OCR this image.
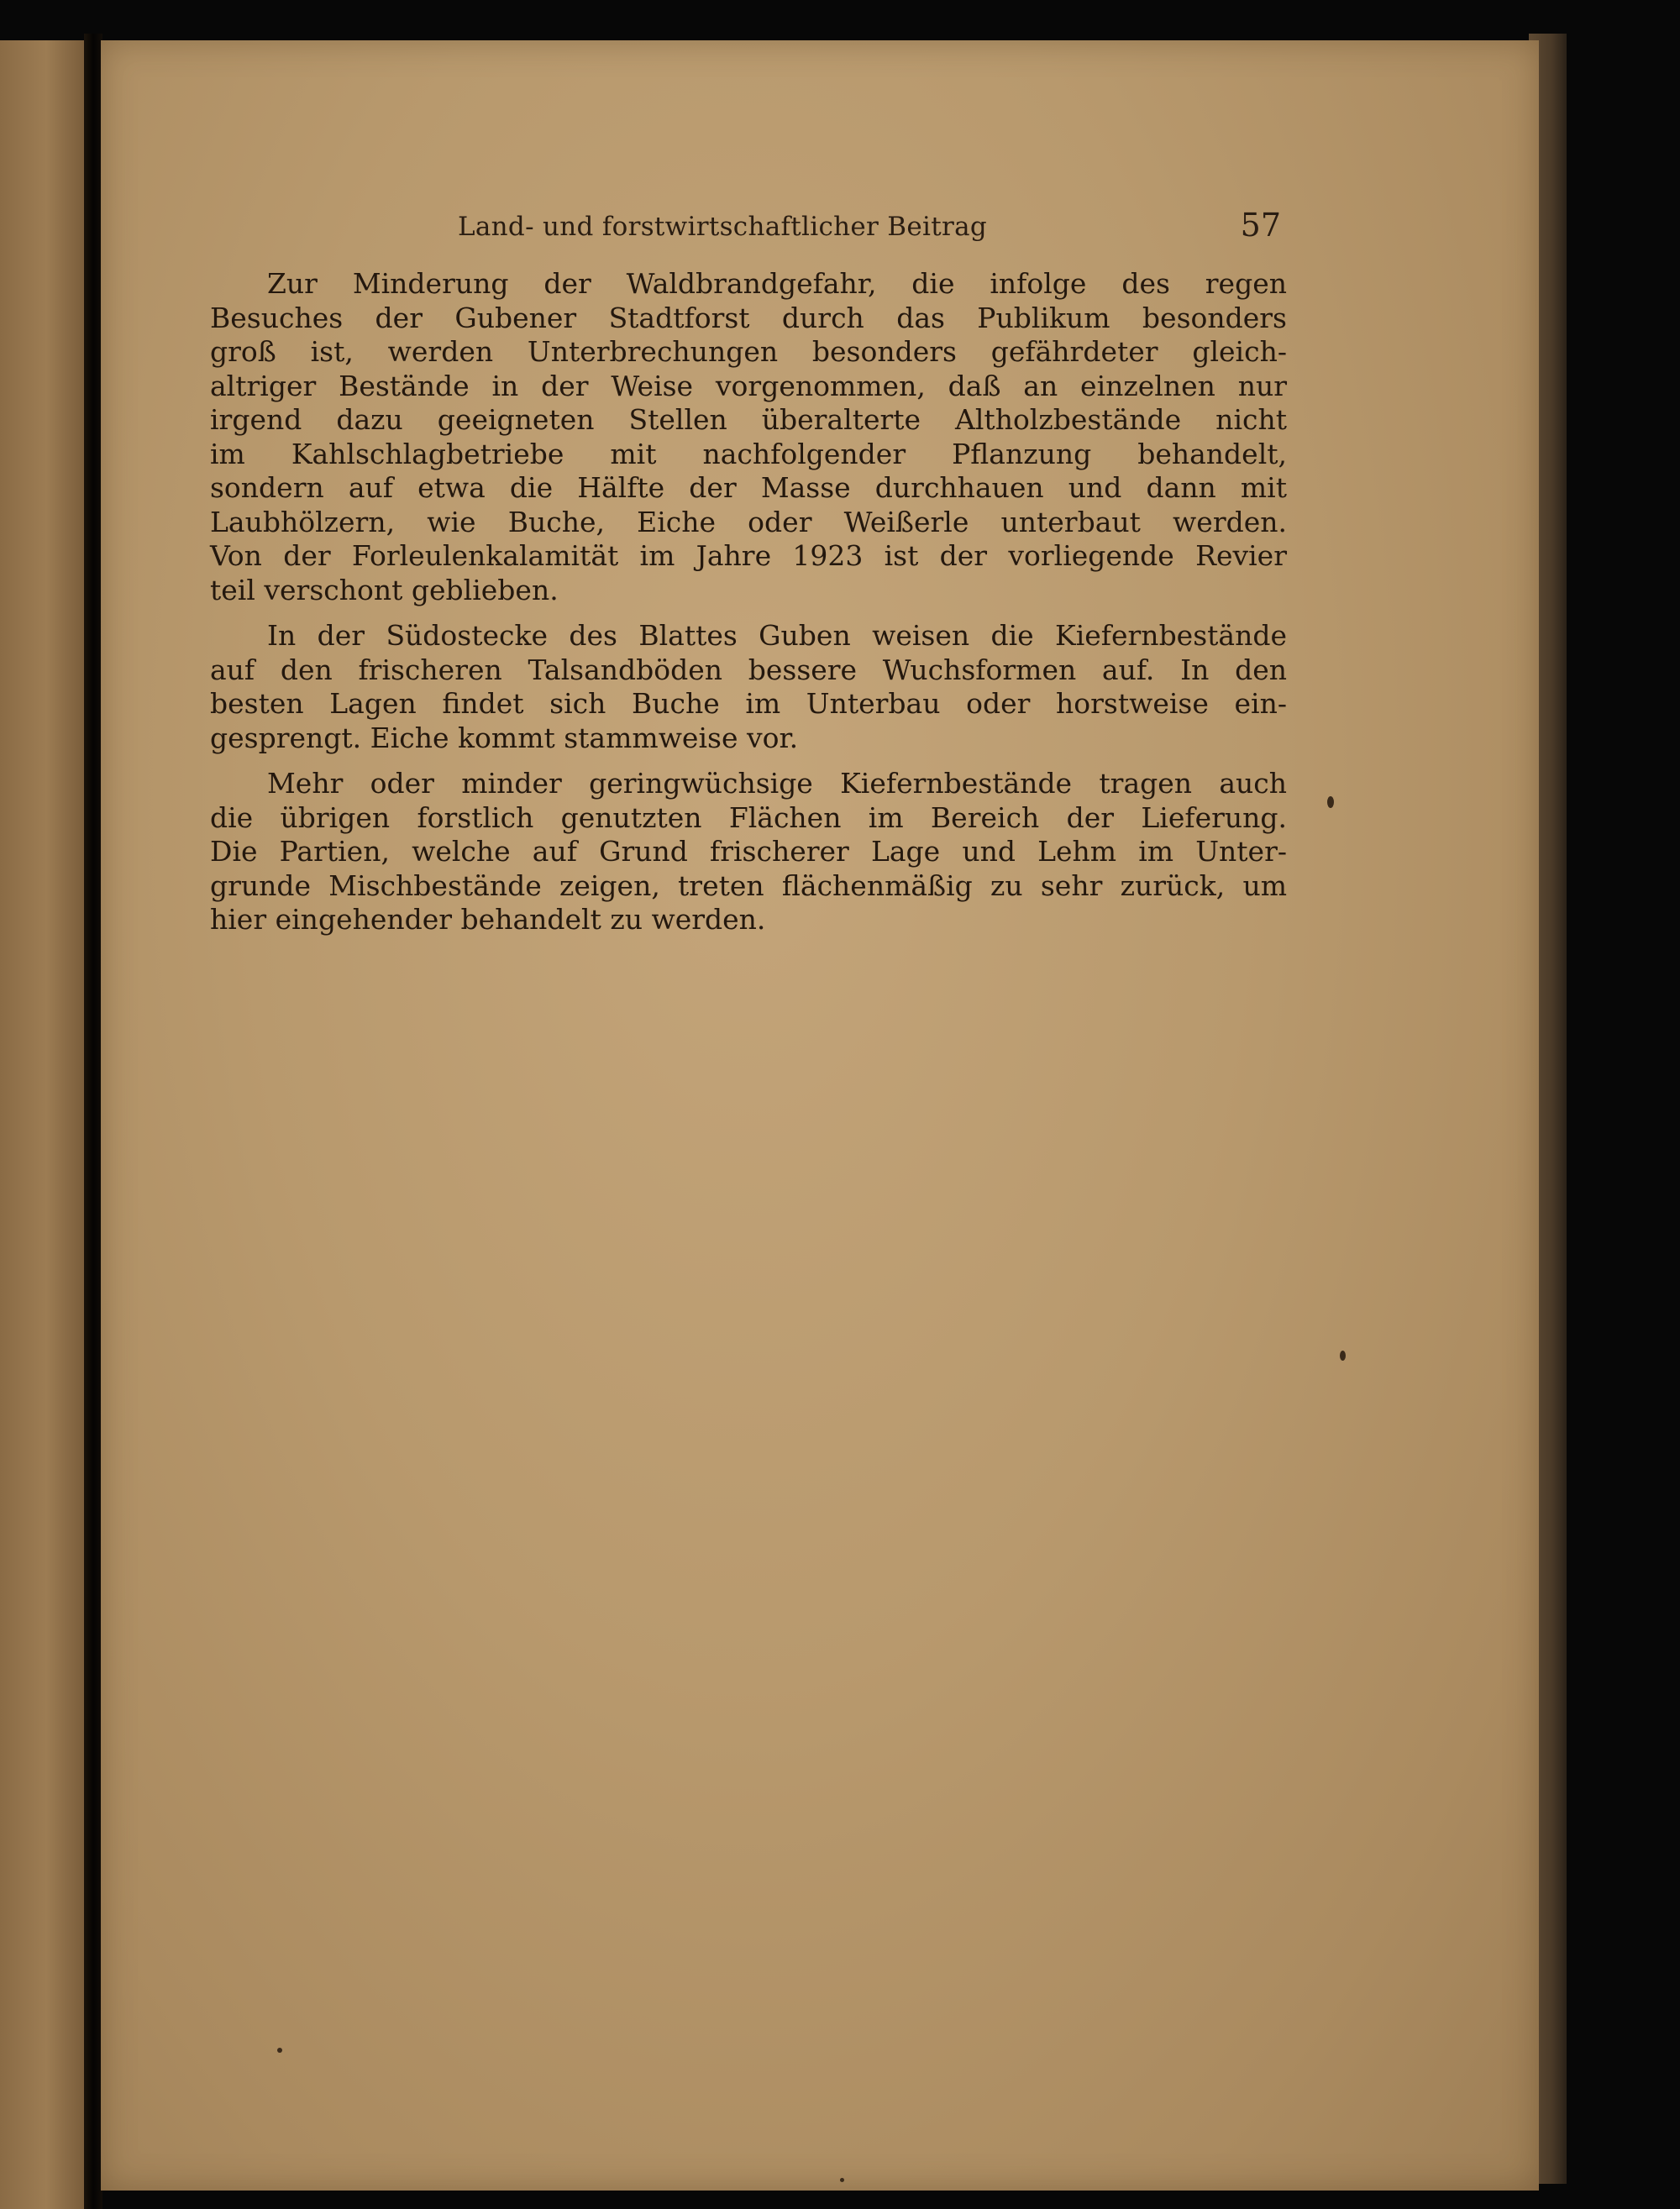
Land- und forstwirtschaftlicher Beitrag	57

Zur Minderung der Waldbrandgefahr, die infolge des regen
Besuches der Gubener Stadtforst durch das Publikum besonders
groß ist, werden Unterbrechungen besonders gefährdeter gleich-
altriger Bestände in der Weise vorgenommen, daß an einzelnen nur
irgend dazu geeigneten Stellen überalterte Altholzbestände nicht
im Kahlschlagbetriebe mit nachfolgender Pflanzung behandelt,
sondern auf etwa die Hälfte der Masse durchhauen und dann mit
Laubhölzern, wie Buche, Eiche oder Weißerle unterbaut werden.
Von der Forleulenkalamität im Jahre 1923 ist der vorliegende Revier
teil verschont geblieben.

In der Südostecke des Blattes Guben weisen die Kiefernbestände
auf den frischeren Talsandböden bessere Wuchsformen auf. In den
besten Lagen findet sich Buche im Unterbau oder horstweise ein-
gesprengt. Eiche kommt stammweise vor.

Mehr oder minder geringwüchsige Kiefernbestände tragen auch
die übrigen forstlich genutzten Flächen im Bereich der Lieferung.
Die Partien, welche auf Grund frischerer Lage und Lehm im Unter-
grunde Mischbestände zeigen, treten flächenmäßig zu sehr zurück, um
hier eingehender behandelt zu werden.
